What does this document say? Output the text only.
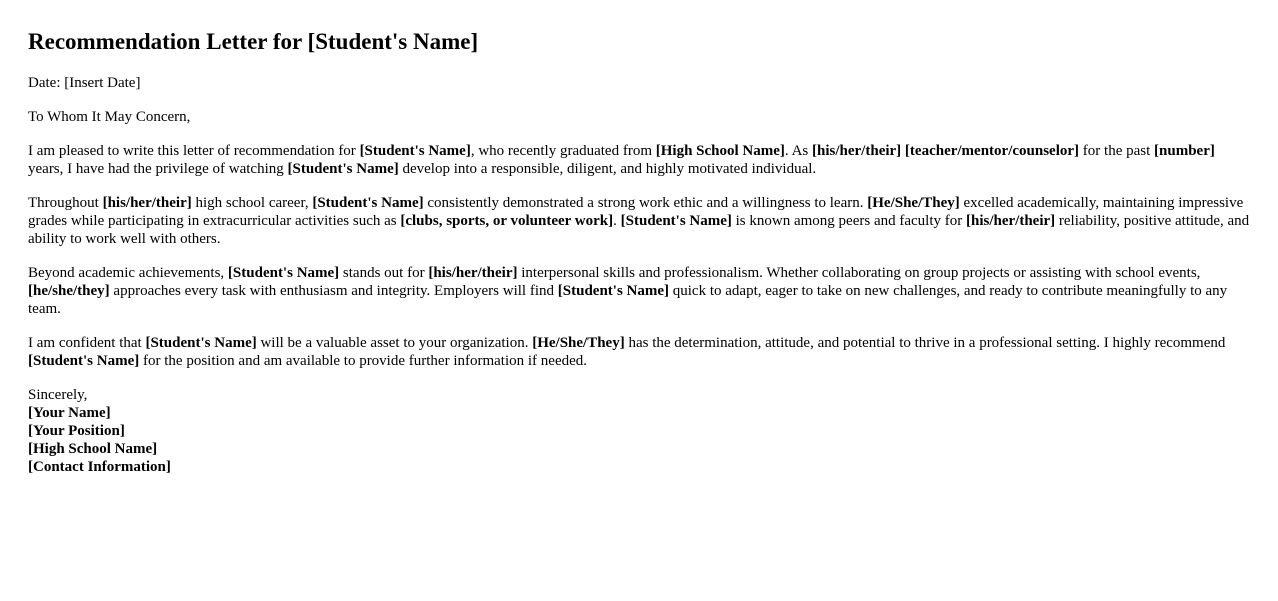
Recommendation Letter for [Student's Name]

Date: [Insert Date]

To Whom It May Concern,

I am pleased to write this letter of recommendation for [Student's Name], who recently graduated from [High School Name]. As [his/her/their] [teacher/mentor/counselor] for the past [number] years, I have had the privilege of watching [Student's Name] develop into a responsible, diligent, and highly motivated individual.

Throughout [his/her/their] high school career, [Student's Name] consistently demonstrated a strong work ethic and a willingness to learn. [He/She/They] excelled academically, maintaining impressive grades while participating in extracurricular activities such as [clubs, sports, or volunteer work]. [Student's Name] is known among peers and faculty for [his/her/their] reliability, positive attitude, and ability to work well with others.

Beyond academic achievements, [Student's Name] stands out for [his/her/their] interpersonal skills and professionalism. Whether collaborating on group projects or assisting with school events, [he/she/they] approaches every task with enthusiasm and integrity. Employers will find [Student's Name] quick to adapt, eager to take on new challenges, and ready to contribute meaningfully to any team.

I am confident that [Student's Name] will be a valuable asset to your organization. [He/She/They] has the determination, attitude, and potential to thrive in a professional setting. I highly recommend [Student's Name] for the position and am available to provide further information if needed.

Sincerely,
[Your Name]
[Your Position]
[High School Name]
[Contact Information]
